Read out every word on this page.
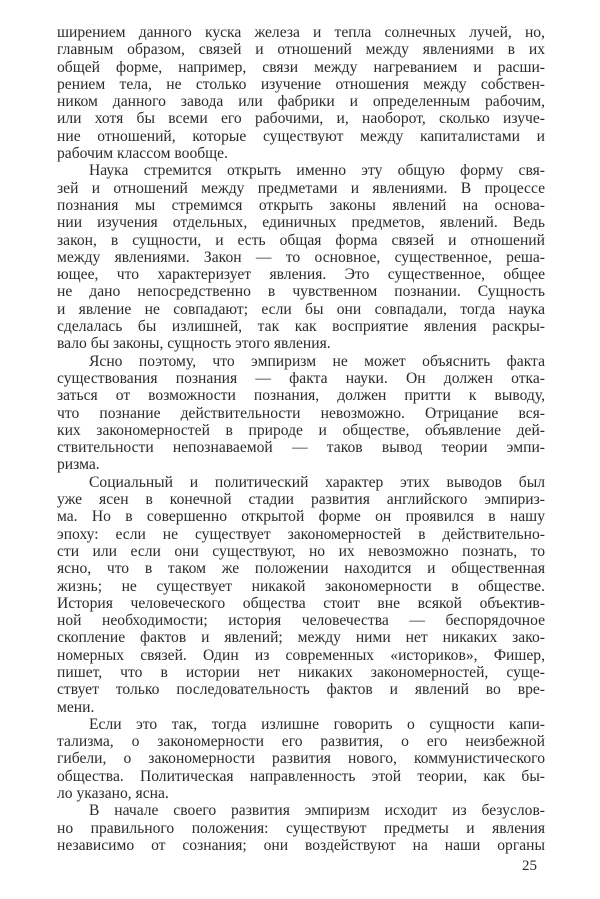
ширением данного куска железа и тепла солнечных лучей, но,
главным образом, связей и отношений между явлениями в их
общей форме, например, связи между нагреванием и расши-
рением тела, не столько изучение отношения между собствен-
ником данного завода или фабрики и определенным рабочим,
или хотя бы всеми его рабочими, и, наоборот, сколько изуче-
ние отношений, которые существуют между капиталистами и
рабочим классом вообще.
Наука стремится открыть именно эту общую форму свя-
зей и отношений между предметами и явлениями. В процессе
познания мы стремимся открыть законы явлений на основа-
нии изучения отдельных, единичных предметов, явлений. Ведь
закон, в сущности, и есть общая форма связей и отношений
между явлениями. Закон — то основное, существенное, реша-
ющее, что характеризует явления. Это существенное, общее
не дано непосредственно в чувственном познании. Сущность
и явление не совпадают; если бы они совпадали, тогда наука
сделалась бы излишней, так как восприятие явления раскры-
вало бы законы, сущность этого явления.
Ясно поэтому, что эмпиризм не может объяснить факта
существования познания — факта науки. Он должен отка-
заться от возможности познания, должен притти к выводу,
что познание действительности невозможно. Отрицание вся-
ких закономерностей в природе и обществе, объявление дей-
ствительности непознаваемой — таков вывод теории эмпи-
ризма.
Социальный и политический характер этих выводов был
уже ясен в конечной стадии развития английского эмпириз-
ма. Но в совершенно открытой форме он проявился в нашу
эпоху: если не существует закономерностей в действительно-
сти или если они существуют, но их невозможно познать, то
ясно, что в таком же положении находится и общественная
жизнь; не существует никакой закономерности в обществе.
История человеческого общества стоит вне всякой объектив-
ной необходимости; история человечества — беспорядочное
скопление фактов и явлений; между ними нет никаких зако-
номерных связей. Один из современных «историков», Фишер,
пишет, что в истории нет никаких закономерностей, суще-
ствует только последовательность фактов и явлений во вре-
мени.
Если это так, тогда излишне говорить о сущности капи-
тализма, о закономерности его развития, о его неизбежной
гибели, о закономерности развития нового, коммунистического
общества. Политическая направленность этой теории, как бы-
ло указано, ясна.
В начале своего развития эмпиризм исходит из безуслов-
но правильного положения: существуют предметы и явления
независимо от сознания; они воздействуют на наши органы
25
